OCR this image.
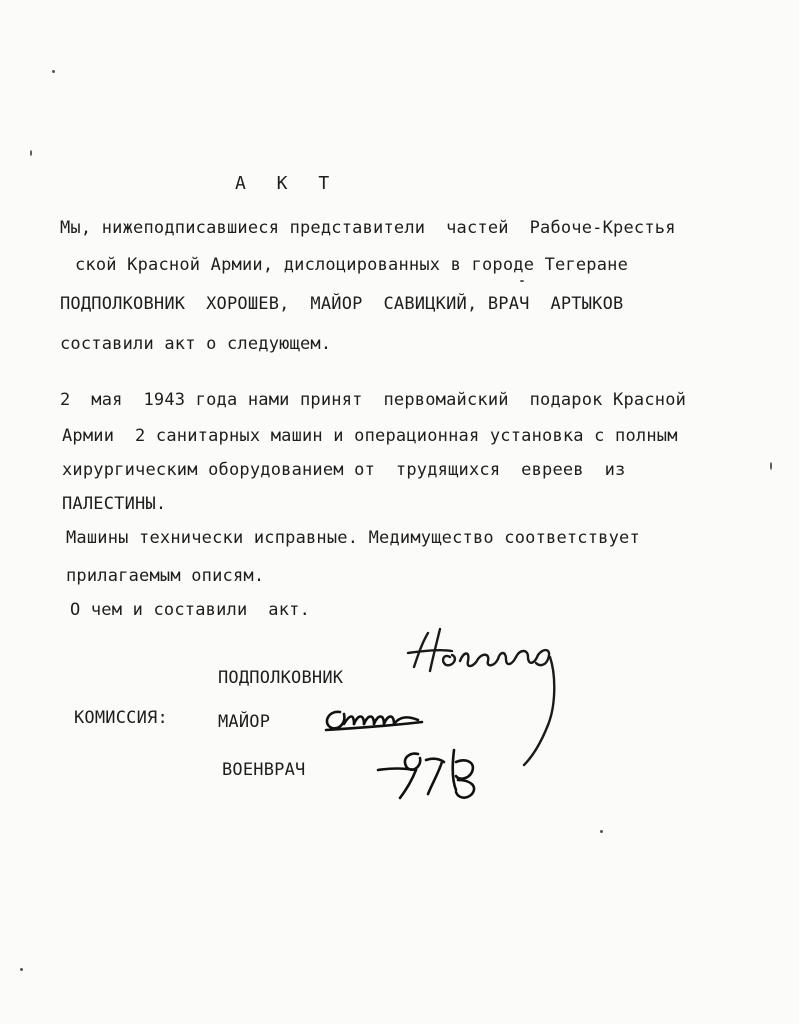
А К Т
Мы, нижеподписавшиеся представители  частей  Рабоче-Крестья
ской Красной Армии, дислоцированных в городе Тегеране
ПОДПОЛКОВНИК  ХОРОШЕВ,  МАЙОР  САВИЦКИЙ, ВРАЧ  АРТЫКОВ
составили акт о следующем.
2  мая  1943 года нами принят  первомайский  подарок Красной
Армии  2 санитарных машин и операционная установка с полным
хирургическим оборудованием от  трудящихся  евреев  из
ПАЛЕСТИНЫ.
Машины технически исправные. Медимущество соответствует
прилагаемым описям.
О чем и составили  акт.
ПОДПОЛКОВНИК
КОМИССИЯ:	МАЙОР
ВОЕНВРАЧ
